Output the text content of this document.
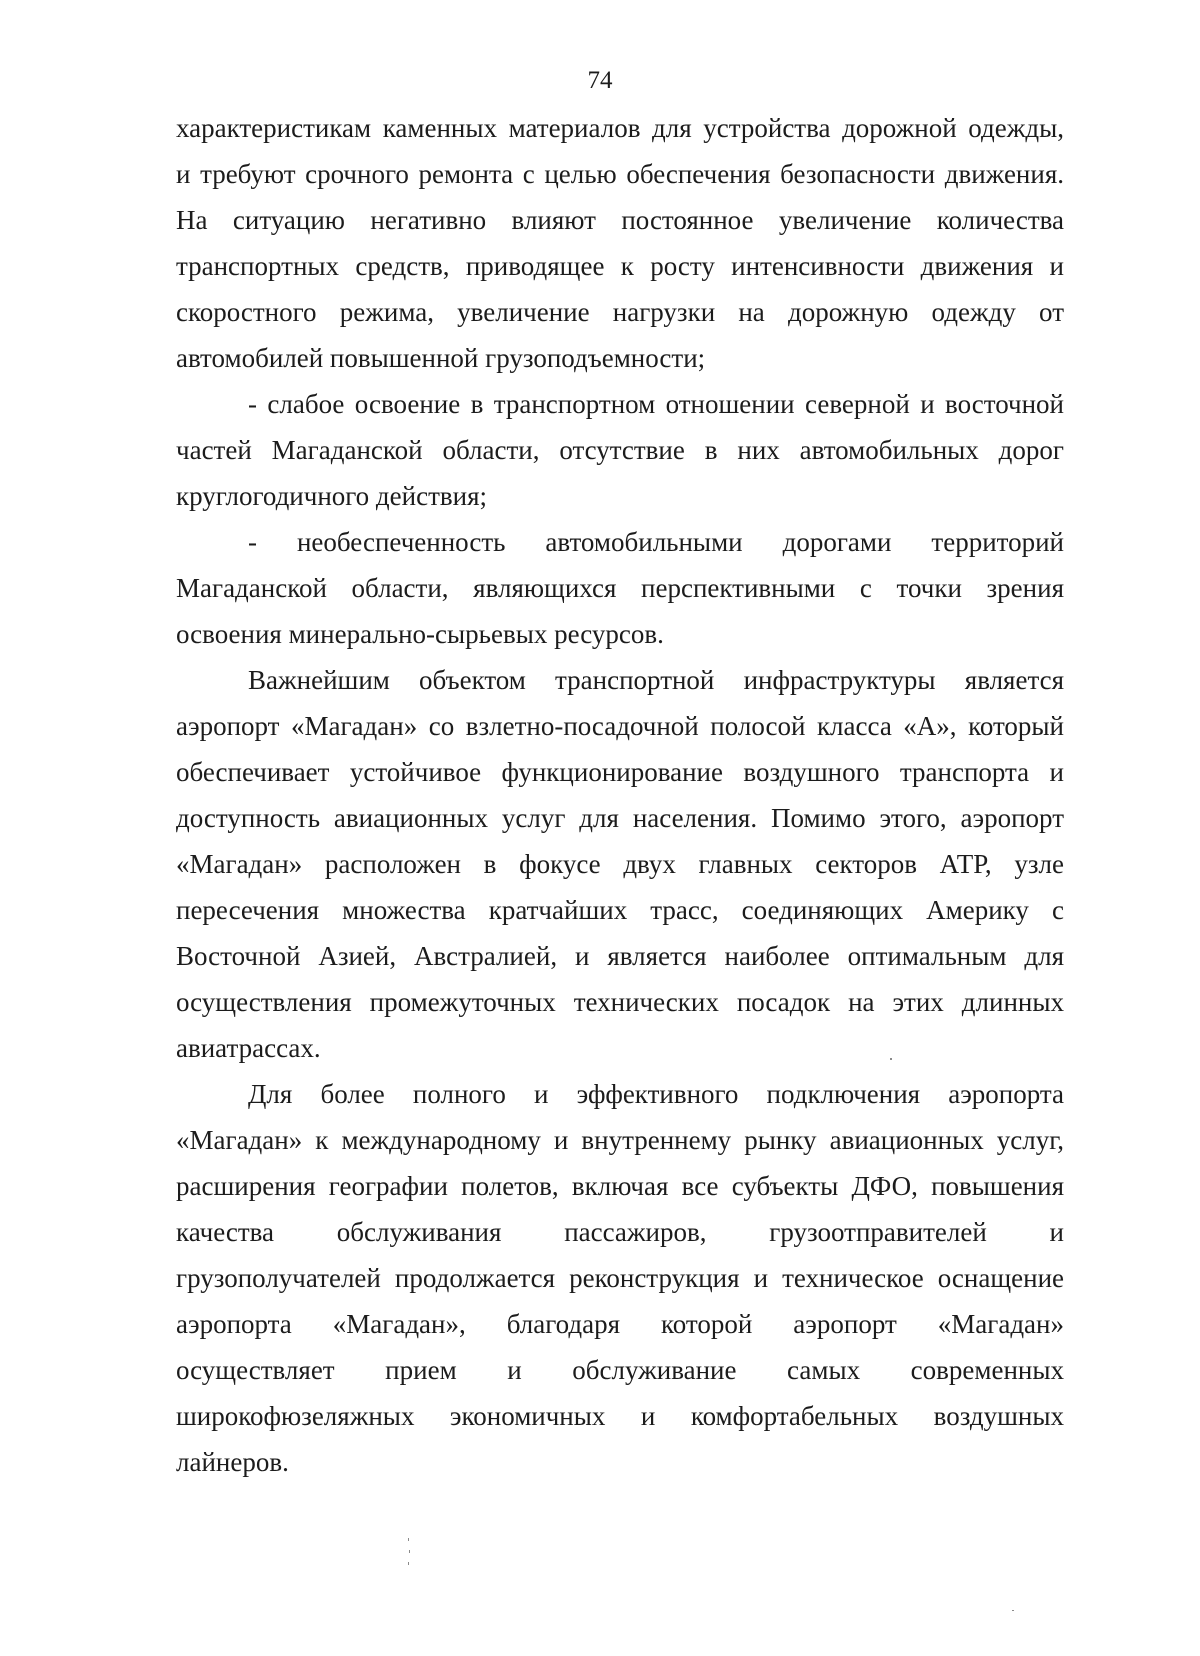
74
характеристикам каменных материалов для устройства дорожной одежды,
и требуют срочного ремонта с целью обеспечения безопасности движения.
На ситуацию негативно влияют постоянное увеличение количества
транспортных средств, приводящее к росту интенсивности движения и
скоростного режима, увеличение нагрузки на дорожную одежду от
автомобилей повышенной грузоподъемности;
- слабое освоение в транспортном отношении северной и восточной
частей Магаданской области, отсутствие в них автомобильных дорог
круглогодичного действия;
- необеспеченность автомобильными дорогами территорий
Магаданской области, являющихся перспективными с точки зрения
освоения минерально-сырьевых ресурсов.
Важнейшим объектом транспортной инфраструктуры является
аэропорт «Магадан» со взлетно-посадочной полосой класса «А», который
обеспечивает устойчивое функционирование воздушного транспорта и
доступность авиационных услуг для населения. Помимо этого, аэропорт
«Магадан» расположен в фокусе двух главных секторов АТР, узле
пересечения множества кратчайших трасс, соединяющих Америку с
Восточной Азией, Австралией, и является наиболее оптимальным для
осуществления промежуточных технических посадок на этих длинных
авиатрассах.
Для более полного и эффективного подключения аэропорта
«Магадан» к международному и внутреннему рынку авиационных услуг,
расширения географии полетов, включая все субъекты ДФО, повышения
качества обслуживания пассажиров, грузоотправителей и
грузополучателей продолжается реконструкция и техническое оснащение
аэропорта «Магадан», благодаря которой аэропорт «Магадан»
осуществляет прием и обслуживание самых современных
широкофюзеляжных экономичных и комфортабельных воздушных
лайнеров.
